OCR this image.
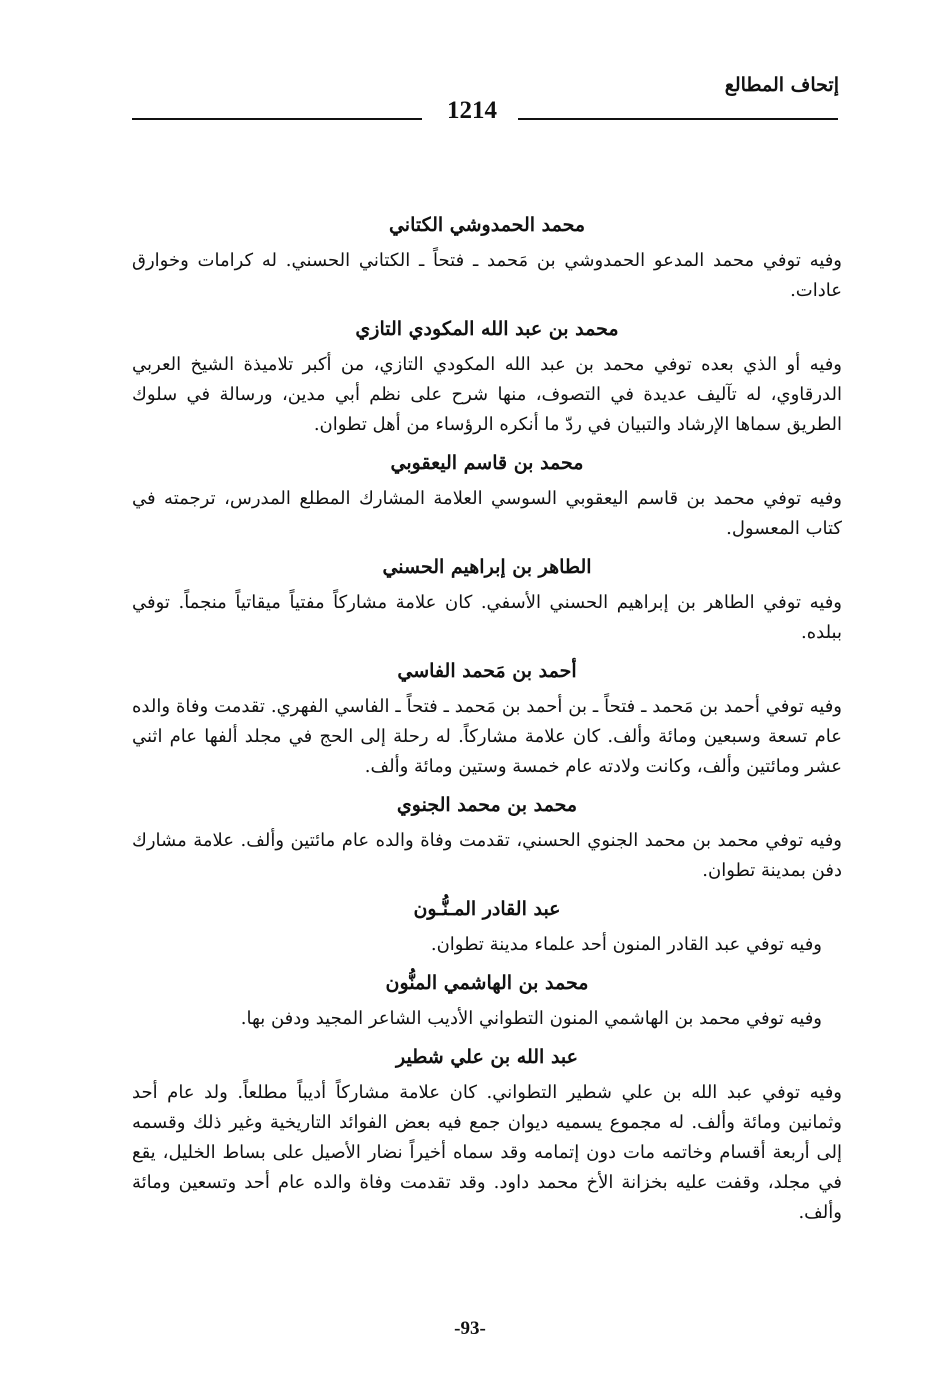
إتحاف المطالع
1214
محمد الحمدوشي الكتاني

وفيه توفي محمد المدعو الحمدوشي بن مَحمد ـ فتحاً ـ الكتاني الحسني. له كرامات وخوارق عادات.

محمد بن عبد الله المكودي التازي

وفيه أو الذي بعده توفي محمد بن عبد الله المكودي التازي، من أكبر تلاميذة الشيخ العربي الدرقاوي، له تآليف عديدة في التصوف، منها شرح على نظم أبي مدين، ورسالة في سلوك الطريق سماها الإرشاد والتبيان في ردّ ما أنكره الرؤساء من أهل تطوان.

محمد بن قاسم اليعقوبي

وفيه توفي محمد بن قاسم اليعقوبي السوسي العلامة المشارك المطلع المدرس، ترجمته في كتاب المعسول.

الطاهر بن إبراهيم الحسني

وفيه توفي الطاهر بن إبراهيم الحسني الأسفي. كان علامة مشاركاً مفتياً ميقاتياً منجماً. توفي ببلده.

أحمد بن مَحمد الفاسي

وفيه توفي أحمد بن مَحمد ـ فتحاً ـ بن أحمد بن مَحمد ـ فتحاً ـ الفاسي الفهري. تقدمت وفاة والده عام تسعة وسبعين ومائة وألف. كان علامة مشاركاً. له رحلة إلى الحج في مجلد ألفها عام اثني عشر ومائتين وألف، وكانت ولادته عام خمسة وستين ومائة وألف.

محمد بن محمد الجنوي

وفيه توفي محمد بن محمد الجنوي الحسني، تقدمت وفاة والده عام مائتين وألف. علامة مشارك دفن بمدينة تطوان.

عبد القادر المـنُّـون

وفيه توفي عبد القادر المنون أحد علماء مدينة تطوان.

محمد بن الهاشمي المنُّون

وفيه توفي محمد بن الهاشمي المنون التطواني الأديب الشاعر المجيد ودفن بها.

عبد الله بن علي شطير

وفيه توفي عبد الله بن علي شطير التطواني. كان علامة مشاركاً أديباً مطلعاً. ولد عام أحد وثمانين ومائة وألف. له مجموع يسميه ديوان جمع فيه بعض الفوائد التاريخية وغير ذلك وقسمه إلى أربعة أقسام وخاتمه مات دون إتمامه وقد سماه أخيراً نضار الأصيل على بساط الخليل، يقع في مجلد، وقفت عليه بخزانة الأخ محمد داود. وقد تقدمت وفاة والده عام أحد وتسعين ومائة وألف.

-93-
